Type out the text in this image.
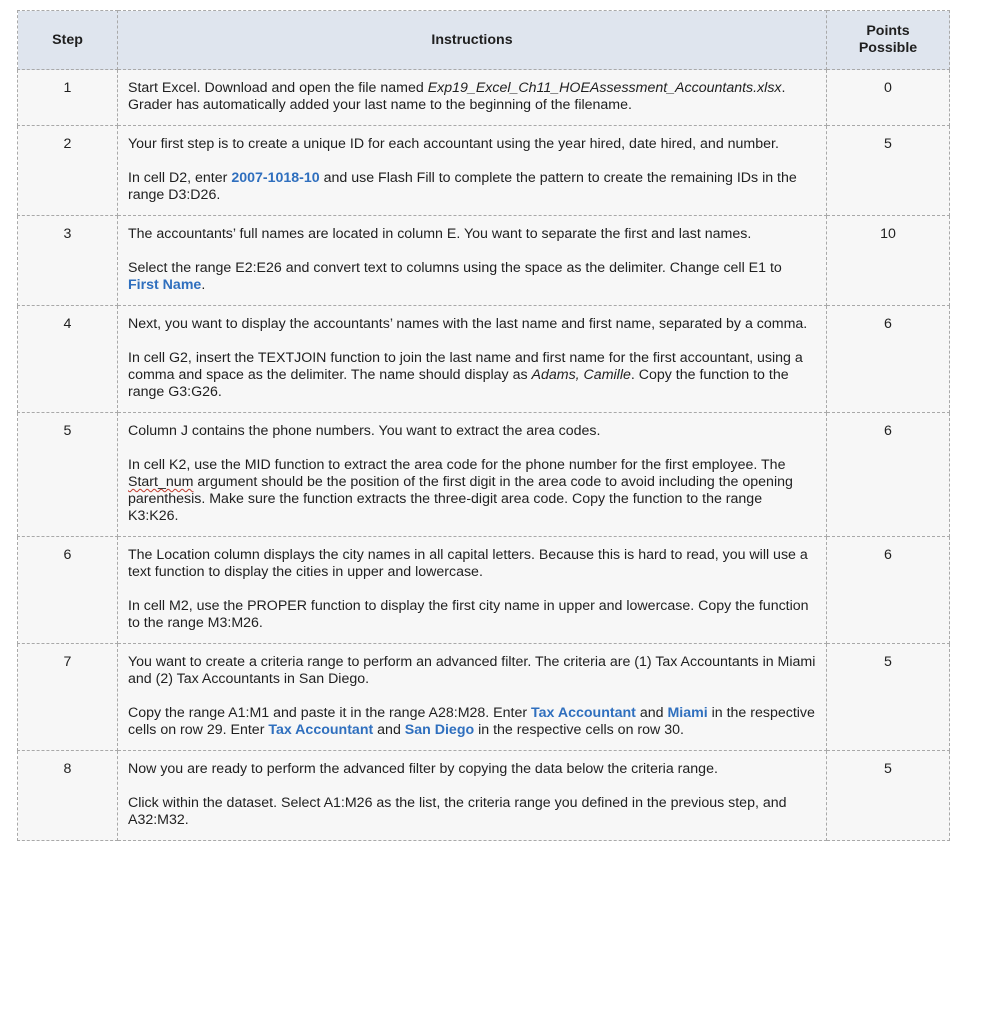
Step	Instructions	Points
Possible
1	Start Excel. Download and open the file named Exp19_Excel_Ch11_HOEAssessment_Accountants.xlsx. Grader has automatically added your last name to the beginning of the filename.	0
2	Your first step is to create a unique ID for each accountant using the year hired, date hired, and number.

In cell D2, enter 2007-1018-10 and use Flash Fill to complete the pattern to create the remaining IDs in the range D3:D26.	5
3	The accountants’ full names are located in column E. You want to separate the first and last names.

Select the range E2:E26 and convert text to columns using the space as the delimiter. Change cell E1 to First Name.	10
4	Next, you want to display the accountants’ names with the last name and first name, separated by a comma.

In cell G2, insert the TEXTJOIN function to join the last name and first name for the first accountant, using a comma and space as the delimiter. The name should display as Adams, Camille. Copy the function to the range G3:G26.	6
5	Column J contains the phone numbers. You want to extract the area codes.

In cell K2, use the MID function to extract the area code for the phone number for the first employee. The Start_num argument should be the position of the first digit in the area code to avoid including the opening parenthesis. Make sure the function extracts the three-digit area code. Copy the function to the range K3:K26.	6
6	The Location column displays the city names in all capital letters. Because this is hard to read, you will use a text function to display the cities in upper and lowercase.

In cell M2, use the PROPER function to display the first city name in upper and lowercase. Copy the function to the range M3:M26.	6
7	You want to create a criteria range to perform an advanced filter. The criteria are (1) Tax Accountants in Miami and (2) Tax Accountants in San Diego.

Copy the range A1:M1 and paste it in the range A28:M28. Enter Tax Accountant and Miami in the respective cells on row 29. Enter Tax Accountant and San Diego in the respective cells on row 30.	5
8	Now you are ready to perform the advanced filter by copying the data below the criteria range.

Click within the dataset. Select A1:M26 as the list, the criteria range you defined in the previous step, and A32:M32.	5
